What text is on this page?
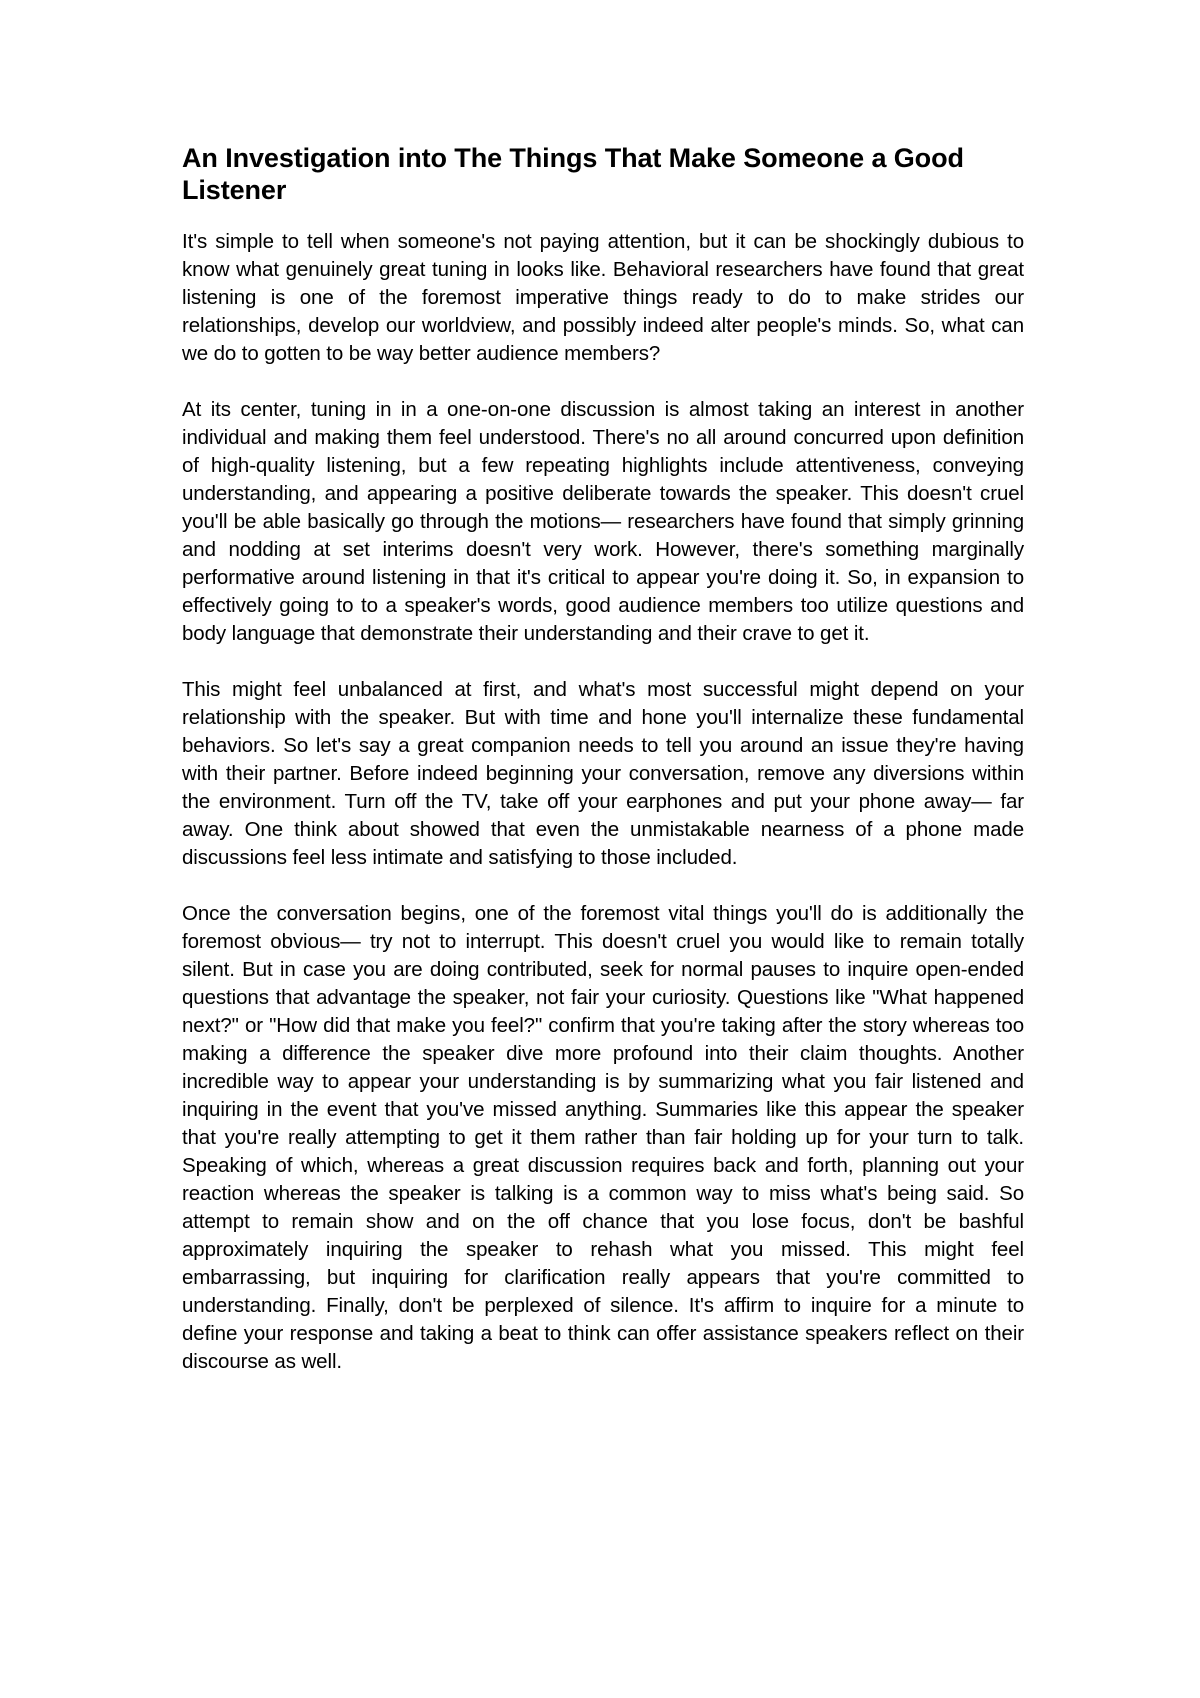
An Investigation into The Things That Make Someone a Good Listener

It's simple to tell when someone's not paying attention, but it can be shockingly dubious to know what genuinely great tuning in looks like. Behavioral researchers have found that great listening is one of the foremost imperative things ready to do to make strides our relationships, develop our worldview, and possibly indeed alter people's minds. So, what can we do to gotten to be way better audience members?

At its center, tuning in in a one-on-one discussion is almost taking an interest in another individual and making them feel understood. There's no all around concurred upon definition of high-quality listening, but a few repeating highlights include attentiveness, conveying understanding, and appearing a positive deliberate towards the speaker. This doesn't cruel you'll be able basically go through the motions— researchers have found that simply grinning and nodding at set interims doesn't very work. However, there's something marginally performative around listening in that it's critical to appear you're doing it. So, in expansion to effectively going to to a speaker's words, good audience members too utilize questions and body language that demonstrate their understanding and their crave to get it.

This might feel unbalanced at first, and what's most successful might depend on your relationship with the speaker. But with time and hone you'll internalize these fundamental behaviors. So let's say a great companion needs to tell you around an issue they're having with their partner. Before indeed beginning your conversation, remove any diversions within the environment. Turn off the TV, take off your earphones and put your phone away— far away. One think about showed that even the unmistakable nearness of a phone made discussions feel less intimate and satisfying to those included.

Once the conversation begins, one of the foremost vital things you'll do is additionally the foremost obvious— try not to interrupt. This doesn't cruel you would like to remain totally silent. But in case you are doing contributed, seek for normal pauses to inquire open-ended questions that advantage the speaker, not fair your curiosity. Questions like "What happened next?" or "How did that make you feel?" confirm that you're taking after the story whereas too making a difference the speaker dive more profound into their claim thoughts. Another incredible way to appear your understanding is by summarizing what you fair listened and inquiring in the event that you've missed anything. Summaries like this appear the speaker that you're really attempting to get it them rather than fair holding up for your turn to talk. Speaking of which, whereas a great discussion requires back and forth, planning out your reaction whereas the speaker is talking is a common way to miss what's being said. So attempt to remain show and on the off chance that you lose focus, don't be bashful approximately inquiring the speaker to rehash what you missed. This might feel embarrassing, but inquiring for clarification really appears that you're committed to understanding. Finally, don't be perplexed of silence. It's affirm to inquire for a minute to define your response and taking a beat to think can offer assistance speakers reflect on their discourse as well.
